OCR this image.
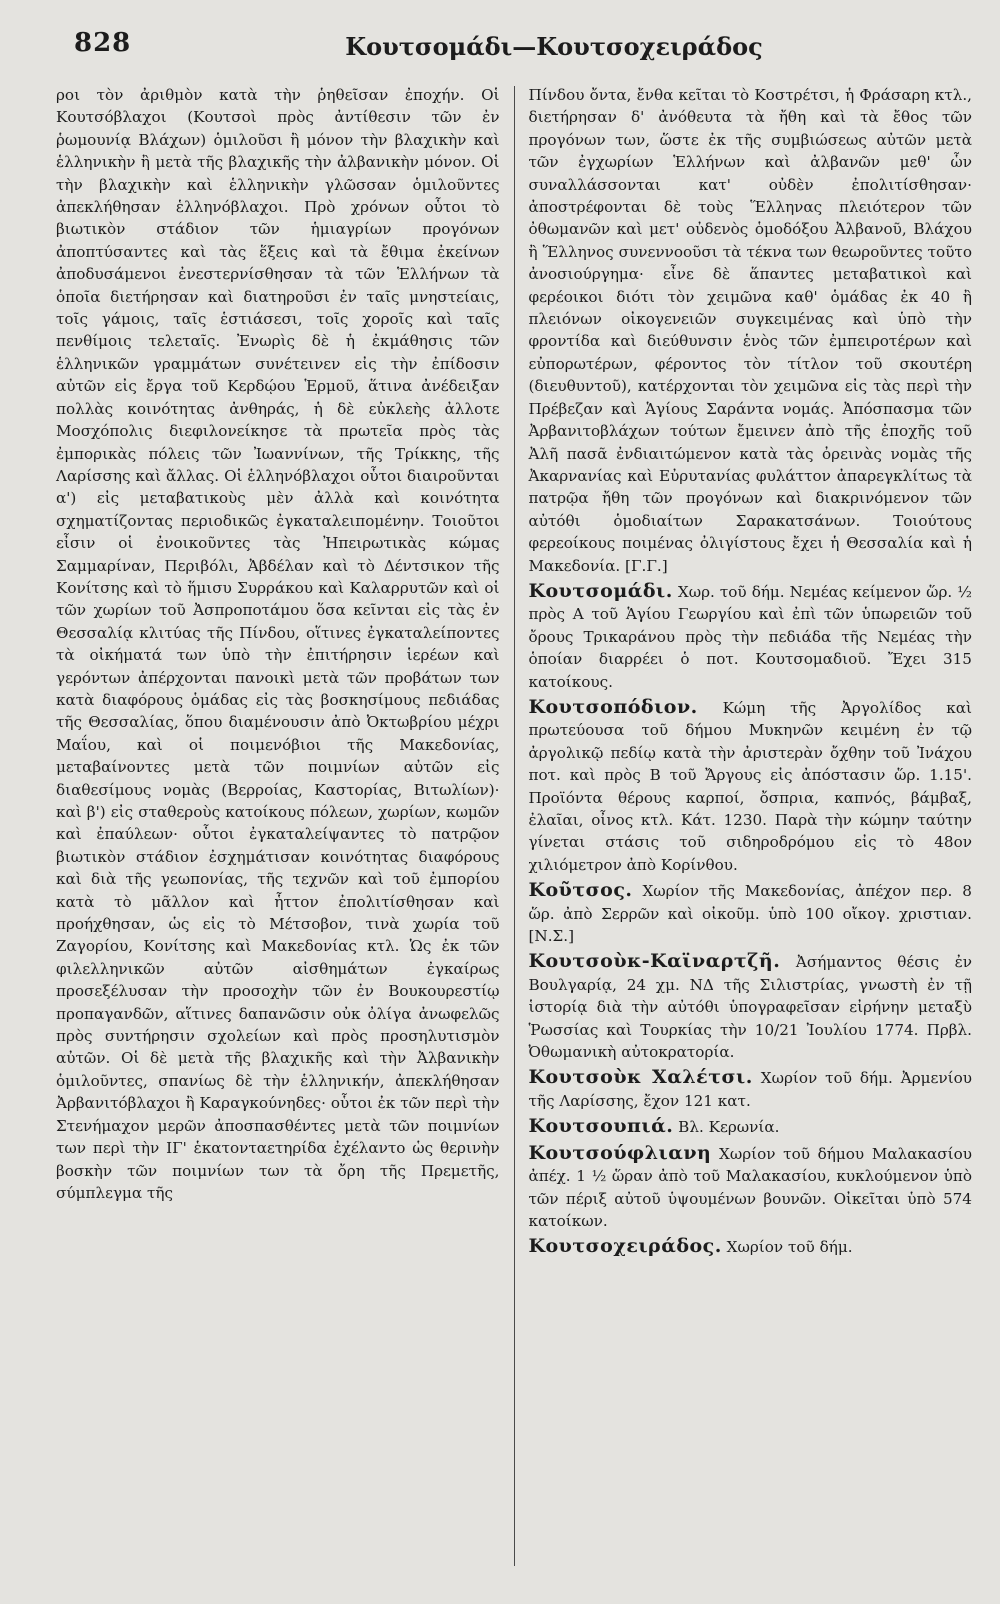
828	Κουτσομάδι—Κουτσοχειράδος

ροι τὸν ἀριθμὸν κατὰ τὴν ῥηθεῖσαν ἐποχήν. Οἱ Κουτσόβλαχοι (Κουτσοὶ πρὸς ἀντίθεσιν τῶν ἐν ῥωμουνίᾳ Βλάχων) ὁμιλοῦσι ἢ μόνον τὴν βλαχικὴν καὶ ἑλληνικὴν ἢ μετὰ τῆς βλαχικῆς τὴν ἀλβανικὴν μόνον. Οἱ τὴν βλαχικὴν καὶ ἑλληνικὴν γλῶσσαν ὁμιλοῦντες ἀπεκλήθησαν ἑλληνόβλαχοι. Πρὸ χρόνων οὗτοι τὸ βιωτικὸν στάδιον τῶν ἡμιαγρίων προγόνων ἀποπτύσαντες καὶ τὰς ἕξεις καὶ τὰ ἔθιμα ἐκείνων ἀποδυσάμενοι ἐνεστερνίσθησαν τὰ τῶν Ἑλλήνων τὰ ὁποῖα διετήρησαν καὶ διατηροῦσι ἐν ταῖς μνηστείαις, τοῖς γάμοις, ταῖς ἑστιάσεσι, τοῖς χοροῖς καὶ ταῖς πενθίμοις τελεταῖς. Ἐνωρὶς δὲ ἡ ἐκμάθησις τῶν ἑλληνικῶν γραμμάτων συνέτεινεν εἰς τὴν ἐπίδοσιν αὐτῶν εἰς ἔργα τοῦ Κερδῴου Ἑρμοῦ, ἅτινα ἀνέδειξαν πολλὰς κοινότητας ἀνθηράς, ἡ δὲ εὐκλεὴς ἀλλοτε Μοσχόπολις διεφιλονείκησε τὰ πρωτεῖα πρὸς τὰς ἐμπορικὰς πόλεις τῶν Ἰωαννίνων, τῆς Τρίκκης, τῆς Λαρίσσης καὶ ἄλλας. Οἱ ἑλληνόβλαχοι οὗτοι διαιροῦνται α') εἰς μεταβατικοὺς μὲν ἀλλὰ καὶ κοινότητα σχηματίζοντας περιοδικῶς ἐγκαταλειπομένην. Τοιοῦτοι εἶσιν οἱ ἐνοικοῦντες τὰς Ἠπειρωτικὰς κώμας Σαμμαρίναν, Περιβόλι, Ἀβδέλαν καὶ τὸ Δέντσικον τῆς Κονίτσης καὶ τὸ ἥμισυ Συρράκου καὶ Καλαρρυτῶν καὶ οἱ τῶν χωρίων τοῦ Ἀσπροποτάμου ὅσα κεῖνται εἰς τὰς ἐν Θεσσαλίᾳ κλιτύας τῆς Πίνδου, οἵτινες ἐγκαταλείποντες τὰ οἰκήματά των ὑπὸ τὴν ἐπιτήρησιν ἱερέων καὶ γερόντων ἀπέρχονται πανοικὶ μετὰ τῶν προβάτων των κατὰ διαφόρους ὁμάδας εἰς τὰς βοσκησίμους πεδιάδας τῆς Θεσσαλίας, ὅπου διαμένουσιν ἀπὸ Ὀκτωβρίου μέχρι Μαΐου, καὶ οἱ ποιμενόβιοι τῆς Μακεδονίας, μεταβαίνοντες μετὰ τῶν ποιμνίων αὐτῶν εἰς διαθεσίμους νομὰς (Βερροίας, Καστορίας, Βιτωλίων)· καὶ β') εἰς σταθεροὺς κατοίκους πόλεων, χωρίων, κωμῶν καὶ ἐπαύλεων· οὗτοι ἐγκαταλείψαντες τὸ πατρῷον βιωτικὸν στάδιον ἐσχημάτισαν κοινότητας διαφόρους καὶ διὰ τῆς γεωπονίας, τῆς τεχνῶν καὶ τοῦ ἐμπορίου κατὰ τὸ μᾶλλον καὶ ἧττον ἐπολιτίσθησαν καὶ προήχθησαν, ὡς εἰς τὸ Μέτσοβον, τινὰ χωρία τοῦ Ζαγορίου, Κονίτσης καὶ Μακεδονίας κτλ. Ὡς ἐκ τῶν φιλελληνικῶν αὐτῶν αἰσθημάτων ἐγκαίρως προσεξέλυσαν τὴν προσοχὴν τῶν ἐν Βουκουρεστίῳ προπαγανδῶν, αἵτινες δαπανῶσιν οὐκ ὀλίγα ἀνωφελῶς πρὸς συντήρησιν σχολείων καὶ πρὸς προσηλυτισμὸν αὐτῶν. Οἱ δὲ μετὰ τῆς βλαχικῆς καὶ τὴν Ἀλβανικὴν ὁμιλοῦντες, σπανίως δὲ τὴν ἑλληνικήν, ἀπεκλήθησαν Ἀρβανιτόβλαχοι ἢ Καραγκούνηδες· οὗτοι ἐκ τῶν περὶ τὴν Στενήμαχον μερῶν ἀποσπασθέντες μετὰ τῶν ποιμνίων των περὶ τὴν ΙΓ' ἑκατονταετηρίδα ἐχέλαντο ὡς θερινὴν βοσκὴν τῶν ποιμνίων των τὰ ὄρη τῆς Πρεμετῆς, σύμπλεγμα τῆς

Πίνδου ὄντα, ἔνθα κεῖται τὸ Κοστρέτσι, ἡ Φράσαρη κτλ., διετήρησαν δ' ἀνόθευτα τὰ ἤθη καὶ τὰ ἔθος τῶν προγόνων των, ὥστε ἐκ τῆς συμβιώσεως αὐτῶν μετὰ τῶν ἐγχωρίων Ἑλλήνων καὶ ἀλβανῶν μεθ' ὧν συναλλάσσονται κατ' οὐδὲν ἐπολιτίσθησαν· ἀποστρέφονται δὲ τοὺς Ἕλληνας πλειότερον τῶν ὀθωμανῶν καὶ μετ' οὐδενὸς ὁμοδόξου Ἀλβανοῦ, Βλάχου ἢ Ἕλληνος συνεννοοῦσι τὰ τέκνα των θεωροῦντες τοῦτο ἀνοσιούργημα· εἶνε δὲ ἅπαντες μεταβατικοὶ καὶ φερέοικοι διότι τὸν χειμῶνα καθ' ὁμάδας ἐκ 40 ἢ πλειόνων οἰκογενειῶν συγκειμένας καὶ ὑπὸ τὴν φροντίδα καὶ διεύθυνσιν ἑνὸς τῶν ἐμπειροτέρων καὶ εὐπορωτέρων, φέροντος τὸν τίτλον τοῦ σκουτέρη (διευθυντοῦ), κατέρχονται τὸν χειμῶνα εἰς τὰς περὶ τὴν Πρέβεζαν καὶ Ἁγίους Σαράντα νομάς. Ἀπόσπασμα τῶν Ἀρβανιτοβλάχων τούτων ἔμεινεν ἀπὸ τῆς ἐποχῆς τοῦ Ἀλῆ πασᾶ ἐνδιαιτώμενον κατὰ τὰς ὀρεινὰς νομὰς τῆς Ἀκαρνανίας καὶ Εὐρυτανίας φυλάττον ἀπαρεγκλίτως τὰ πατρῷα ἤθη τῶν προγόνων καὶ διακρινόμενον τῶν αὐτόθι ὁμοδιαίτων Σαρακατσάνων. Τοιούτους φερεοίκους ποιμένας ὀλιγίστους ἔχει ἡ Θεσσαλία καὶ ἡ Μακεδονία. [Γ.Γ.]

Κουτσομάδι. Χωρ. τοῦ δήμ. Νεμέας κείμενον ὥρ. ½ πρὸς Α τοῦ Ἁγίου Γεωργίου καὶ ἐπὶ τῶν ὑπωρειῶν τοῦ ὄρους Τρικαράνου πρὸς τὴν πεδιάδα τῆς Νεμέας τὴν ὁποίαν διαρρέει ὁ ποτ. Κουτσομαδιοῦ. Ἔχει 315 κατοίκους.

Κουτσοπόδιον. Κώμη τῆς Ἀργολίδος καὶ πρωτεύουσα τοῦ δήμου Μυκηνῶν κειμένη ἐν τῷ ἀργολικῷ πεδίῳ κατὰ τὴν ἀριστερὰν ὄχθην τοῦ Ἰνάχου ποτ. καὶ πρὸς Β τοῦ Ἄργους εἰς ἀπόστασιν ὥρ. 1.15'. Προϊόντα θέρους καρποί, ὄσπρια, καπνός, βάμβαξ, ἐλαῖαι, οἶνος κτλ. Κάτ. 1230. Παρὰ τὴν κώμην ταύτην γίνεται στάσις τοῦ σιδηροδρόμου εἰς τὸ 48ον χιλιόμετρον ἀπὸ Κορίνθου.

Κοῦτσος. Χωρίον τῆς Μακεδονίας, ἀπέχον περ. 8 ὥρ. ἀπὸ Σερρῶν καὶ οἰκοῦμ. ὑπὸ 100 οἴκογ. χριστιαν. [Ν.Σ.]

Κουτσοὺκ-Καϊναρτζῆ. Ἀσήμαντος θέσις ἐν Βουλγαρίᾳ, 24 χμ. ΝΔ τῆς Σιλιστρίας, γνωστὴ ἐν τῇ ἱστορίᾳ διὰ τὴν αὐτόθι ὑπογραφεῖσαν εἰρήνην μεταξὺ Ῥωσσίας καὶ Τουρκίας τὴν 10/21 Ἰουλίου 1774. Πρβλ. Ὀθωμανικὴ αὐτοκρατορία.

Κουτσοὺκ Χαλέτσι. Χωρίον τοῦ δήμ. Ἀρμενίου τῆς Λαρίσσης, ἔχον 121 κατ.

Κουτσουπιά. Βλ. Κερωνία.

Κουτσούφλιανη Χωρίον τοῦ δήμου Μαλακασίου ἀπέχ. 1 ½ ὥραν ἀπὸ τοῦ Μαλακασίου, κυκλούμενον ὑπὸ τῶν πέριξ αὐτοῦ ὑψουμένων βουνῶν. Οἰκεῖται ὑπὸ 574 κατοίκων.

Κουτσοχειράδος. Χωρίον τοῦ δήμ.
